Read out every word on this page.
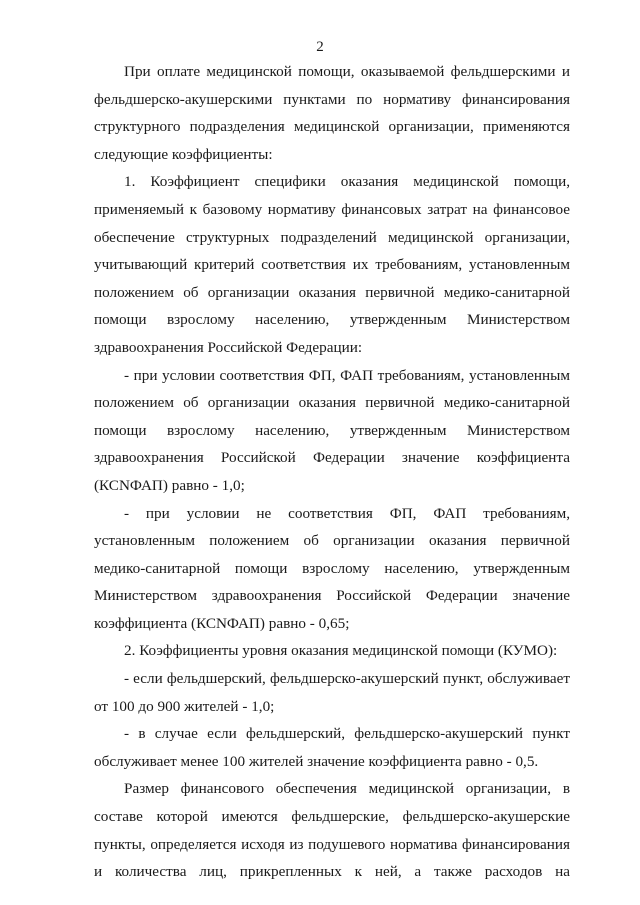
2

При оплате медицинской помощи, оказываемой фельдшерскими и фельдшерско-акушерскими пунктами по нормативу финансирования структурного подразделения медицинской организации, применяются следующие коэффициенты:

1. Коэффициент специфики оказания медицинской помощи, применяемый к базовому нормативу финансовых затрат на финансовое обеспечение структурных подразделений медицинской организации, учитывающий критерий соответствия их требованиям, установленным положением об организации оказания первичной медико-санитарной помощи взрослому населению, утвержденным Министерством здравоохранения Российской Федерации:

- при условии соответствия ФП, ФАП требованиям, установленным положением об организации оказания первичной медико-санитарной помощи взрослому населению, утвержденным Министерством здравоохранения Российской Федерации значение коэффициента (КСNФАП) равно - 1,0;

- при условии не соответствия ФП, ФАП требованиям, установленным положением об организации оказания первичной медико-санитарной помощи взрослому населению, утвержденным Министерством здравоохранения Российской Федерации значение коэффициента (КСNФАП) равно - 0,65;

2. Коэффициенты уровня оказания медицинской помощи (КУМО):

- если фельдшерский, фельдшерско-акушерский пункт, обслуживает от 100 до 900 жителей - 1,0;

- в случае если фельдшерский, фельдшерско-акушерский пункт обслуживает менее 100 жителей значение коэффициента равно - 0,5.

Размер финансового обеспечения медицинской организации, в составе которой имеются фельдшерские, фельдшерско-акушерские пункты, определяется исходя из подушевого норматива финансирования и количества лиц, прикрепленных к ней, а также расходов на
